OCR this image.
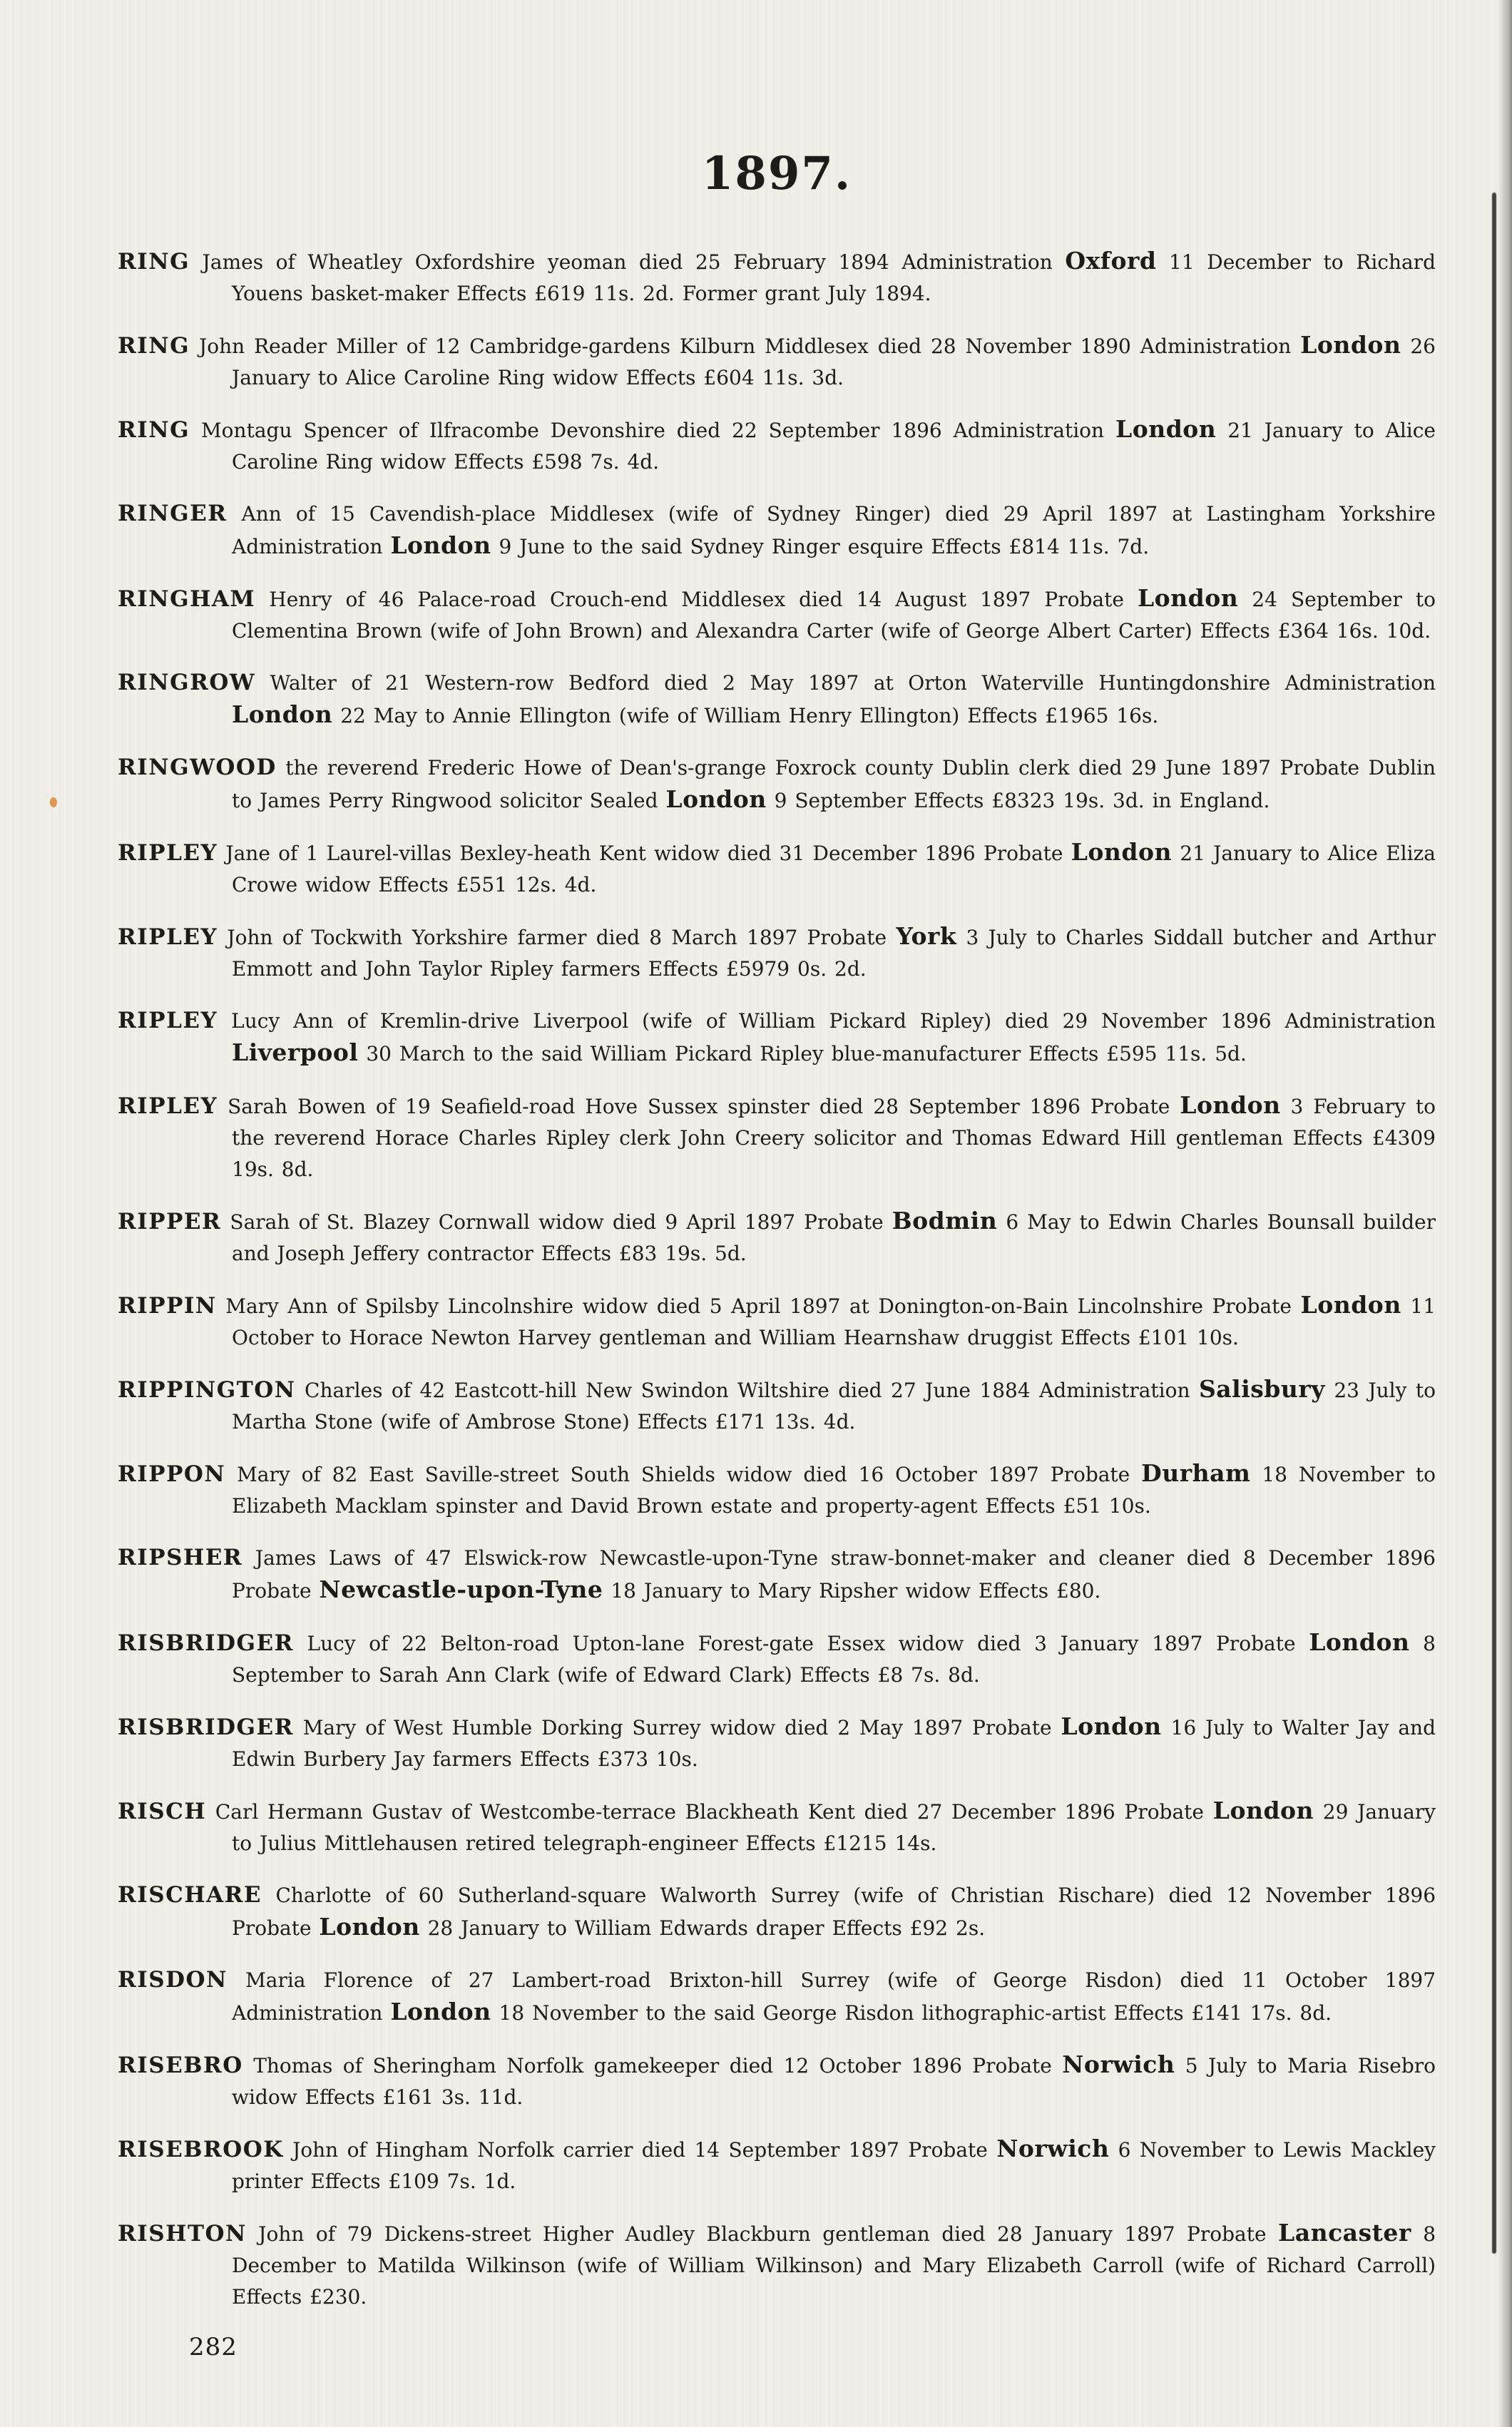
1897.

RING James of Wheatley Oxfordshire yeoman died 25 February 1894 Administration Oxford 11 December to Richard Youens basket-maker Effects £619 11s. 2d. Former grant July 1894.

RING John Reader Miller of 12 Cambridge-gardens Kilburn Middlesex died 28 November 1890 Administration London 26 January to Alice Caroline Ring widow Effects £604 11s. 3d.

RING Montagu Spencer of Ilfracombe Devonshire died 22 September 1896 Administration London 21 January to Alice Caroline Ring widow Effects £598 7s. 4d.

RINGER Ann of 15 Cavendish-place Middlesex (wife of Sydney Ringer) died 29 April 1897 at Lastingham Yorkshire Administration London 9 June to the said Sydney Ringer esquire Effects £814 11s. 7d.

RINGHAM Henry of 46 Palace-road Crouch-end Middlesex died 14 August 1897 Probate London 24 September to Clementina Brown (wife of John Brown) and Alexandra Carter (wife of George Albert Carter) Effects £364 16s. 10d.

RINGROW Walter of 21 Western-row Bedford died 2 May 1897 at Orton Waterville Huntingdonshire Administration London 22 May to Annie Ellington (wife of William Henry Ellington) Effects £1965 16s.

RINGWOOD the reverend Frederic Howe of Dean's-grange Foxrock county Dublin clerk died 29 June 1897 Probate Dublin to James Perry Ringwood solicitor Sealed London 9 September Effects £8323 19s. 3d. in England.

RIPLEY Jane of 1 Laurel-villas Bexley-heath Kent widow died 31 December 1896 Probate London 21 January to Alice Eliza Crowe widow Effects £551 12s. 4d.

RIPLEY John of Tockwith Yorkshire farmer died 8 March 1897 Probate York 3 July to Charles Siddall butcher and Arthur Emmott and John Taylor Ripley farmers Effects £5979 0s. 2d.

RIPLEY Lucy Ann of Kremlin-drive Liverpool (wife of William Pickard Ripley) died 29 November 1896 Administration Liverpool 30 March to the said William Pickard Ripley blue-manufacturer Effects £595 11s. 5d.

RIPLEY Sarah Bowen of 19 Seafield-road Hove Sussex spinster died 28 September 1896 Probate London 3 February to the reverend Horace Charles Ripley clerk John Creery solicitor and Thomas Edward Hill gentleman Effects £4309 19s. 8d.

RIPPER Sarah of St. Blazey Cornwall widow died 9 April 1897 Probate Bodmin 6 May to Edwin Charles Bounsall builder and Joseph Jeffery contractor Effects £83 19s. 5d.

RIPPIN Mary Ann of Spilsby Lincolnshire widow died 5 April 1897 at Donington-on-Bain Lincolnshire Probate London 11 October to Horace Newton Harvey gentleman and William Hearnshaw druggist Effects £101 10s.

RIPPINGTON Charles of 42 Eastcott-hill New Swindon Wiltshire died 27 June 1884 Administration Salisbury 23 July to Martha Stone (wife of Ambrose Stone) Effects £171 13s. 4d.

RIPPON Mary of 82 East Saville-street South Shields widow died 16 October 1897 Probate Durham 18 November to Elizabeth Macklam spinster and David Brown estate and property-agent Effects £51 10s.

RIPSHER James Laws of 47 Elswick-row Newcastle-upon-Tyne straw-bonnet-maker and cleaner died 8 December 1896 Probate Newcastle-upon-Tyne 18 January to Mary Ripsher widow Effects £80.

RISBRIDGER Lucy of 22 Belton-road Upton-lane Forest-gate Essex widow died 3 January 1897 Probate London 8 September to Sarah Ann Clark (wife of Edward Clark) Effects £8 7s. 8d.

RISBRIDGER Mary of West Humble Dorking Surrey widow died 2 May 1897 Probate London 16 July to Walter Jay and Edwin Burbery Jay farmers Effects £373 10s.

RISCH Carl Hermann Gustav of Westcombe-terrace Blackheath Kent died 27 December 1896 Probate London 29 January to Julius Mittlehausen retired telegraph-engineer Effects £1215 14s.

RISCHARE Charlotte of 60 Sutherland-square Walworth Surrey (wife of Christian Rischare) died 12 November 1896 Probate London 28 January to William Edwards draper Effects £92 2s.

RISDON Maria Florence of 27 Lambert-road Brixton-hill Surrey (wife of George Risdon) died 11 October 1897 Administration London 18 November to the said George Risdon lithographic-artist Effects £141 17s. 8d.

RISEBRO Thomas of Sheringham Norfolk gamekeeper died 12 October 1896 Probate Norwich 5 July to Maria Risebro widow Effects £161 3s. 11d.

RISEBROOK John of Hingham Norfolk carrier died 14 September 1897 Probate Norwich 6 November to Lewis Mackley printer Effects £109 7s. 1d.

RISHTON John of 79 Dickens-street Higher Audley Blackburn gentleman died 28 January 1897 Probate Lancaster 8 December to Matilda Wilkinson (wife of William Wilkinson) and Mary Elizabeth Carroll (wife of Richard Carroll) Effects £230.

282
